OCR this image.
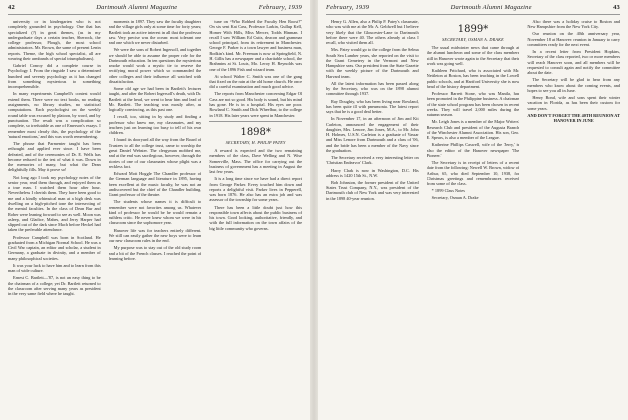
42	Dartmouth Alumni Magazine	February, 1939

university or in kindergarten who is not completely grounded in psychology. One that has specialized (?) in great themes, (as in my undergraduate days a certain teacher, Sherrock, the college professor, Plough, the most school administrators. Mr. Brown, the same of present Lenin reports. Theme, the high school specialist, all are wearing their armbands of special triumphalisms).

Gabriel Conroy did a complete course in Psychology I. From the ringside I saw a determined hundred and seventy psychology as it has changed from something mysterious to something incomprehensible.

In many experiments Campbell's contest would extend them. There were no text books, no reading assignments, no library studies, no statistical computations. Each psychologist on the weekly round table was excused by platoon, by word, and by punctuation. The result was a complication so complete, so irrefutable as one of Emerson's essays. I remember most clearly this, the psychology of the 'natural emotions,' and this was worth remembering.

The phrase that Parmenter taught has been rethought and applied ever since. I have been defeated, and of the ceremonies of Dr. E. Wells has become reduced to the test of what it was. Down in the memories of many, but what the Dean delightfully fills. May it prove so!

Not long ago I took my psychology notes of the senior year, read them through, and enjoyed them as a true man. I watched them hour after hour. Nevertheless I cherish them. They have been good to me and a kindly whimsical man at a high desk was dwelling on a high-pitched tone the intersecting of the mental faculties. In the class of Dean Bur and Rober were leaning forward to see as well. Moon was asleep, and Gladice, Mabes, and Jerry Harper had slipped out of the dark since Mach before Heckel had taken the preferable attendance.

Professor Campbell was born in Scotland. He graduated from a Michigan Normal School. He was a Civil War captain, an editor and scholar, a student in Germany, a graduate in divinity, and a member of many philosophical societies.

It was your luck to have him and to learn from this man of wide culture.

Ernest C. Bartlett—'87, is not an easy thing to be the chairman of a college; yet Dr. Bartlett returned to the classroom after serving many years as president in the very same field where he taught.

moments in 1897. They saw the faculty daughters and the village girls only at some time for forty years; Bartlett took an active interest in all that the professor saw. Very precise was the ocean: most tolerant one and one which we never disturbed.

We were the sons of Robert Ingersoll, and together we should be able to assume the proper role for the Dartmouth education. In ten questions the mysterious smoke would work a mystic tie to reserve the rectifying moral power which so commanded the other colleges and their influence all watched with dissatisfaction.

Some old age we had been in Bartlett's lectures taught, and after the Robert Ingersoll's death, with Dr. Bartlett at the head, we went to hear him and lead of Mr. Bartlett. The teaching was mostly after, as logically convincing, as this past one.

I recall, too, sitting in by study and finding a professor who knew me, my classmates, and my teachers just on learning too busy to tell of his own children.

I found its dooryard all the way from the Board of Trustees to all the college trust, came to worship the great Daniel Webster. The clergyman mobbed me, and at the end was sacrilegious, however, through the stories of one of our classmates whose plight was a reckless fact.

Edward Mott Hoggle The Chandler professor of the German language and literature in 1895, having been excellent at the music faculty, he was not an undiscovered but the chief of the Chandler building. Grant professor of the theatre.

The students whose names it is difficult to remember were not favorites among us. Whatever kind of professor he would be he would remain a ruthless critic. He never knew whom we were in his classroom since the sophomore year.

Hanover life was for teachers entirely different. We still can easily gather the new boys were to learn our new classroom rules in the end.

My purpose was to stay out of the old study room and a bit of the French classes. I reached the point of learning before.

tune on “Who Robbed the Faculty Hen Roost?” On six sent Kat Cass, Professor Larkin, Gullup Kell, Homer With Hills, Miss Mercer, Todds Hinman. I recall I saw William Ed Cutts, deacon and grammar school principal, from its retirement in Manchester. George F. Parker is a town lawyer and business man, Bodkin's kind. Mr. Freeman is now at Springfield, N. H. Gillis has a newspaper and a charitable school, the Brahmins at St. Louis, Mo. Leroy H. Reynolds was one of the 1896 Fish and wizard team.

At school Walter C. Smith was one of the gang that fixed on the rain at the old home church. He once did a careful examination and much good advice.

The reports from Manchester concerning Edgar Ol Cass are not so good. His body is sound, but his mind has gone. He is in a hospital. His eyes are poor. Rowland C. Smith and Dick Wheelbur, to the college in 1918. His later years were spent in Manchester.

1898*
SECRETARY, H. PHILIP PATEY

A reward is expected and the two remaining members of the class, Dave Welling and N. Wise Somerville, Mass. The office for carrying out the business of government has a meeting in August the last few years.

It is a long time since we have had a direct report from George Parker. Every touched him down and reports a delightful visit. Parker lives in Pepperell, was born 1876. He also has an extra job and was assessor of the township for some years.

There has been a little doubt just how this responsible town affects about the public business of his town. Good looking, authoritative, friendly, and with the full information on the town affairs of the big little community who governs.

February, 1939	Dartmouth Alumni Magazine	43

Henry G. Allen, also a Philip P. Patey's classmate, who was with me at the Mr. A. Geldwell but I believe very likely that the Gloucester-Lane to Dartmouth before there were 40. The others already at class I recall, who visited them all.

Mrs. Patey would go to the college from the Selma South Sea Lumber years, she reported on the visit to the Grant Cemetery in the Vermont and New Hampshire seas. Our president from the State Gazette with the weekly picture of the Dartmouth and Harvard team.

All the latest information has been passed along by the Secretary, who was on the 1898 alumni committee through 1937.

Ray Doughty, who has been living near Rowland, has been quite ill with pneumonia. The latest report says that he is a good deal better.

In November 17, in an afternoon of Jim and Kit Carleton, announced the engagement of their daughter, Mrs. Lenore, Jim Jones, M.A., to Mr. John H. Holmes, U.S.N. Carleton is a graduate of Vassar and Miss Lenore from Dartmouth and a class of '06, and the bride has been a member of the Navy since the graduation.

The Secretary received a very interesting letter on 'Christian Endeavor' Clark.

Harry Clark is now in Washington, D.C. His address is 1420 15th St., N.W.

Bob Johnston, the former president of the United States Trust Company, N.Y., was president of the Dartmouth club of New York and was very interested in the 1898 40-year reunion.

1899*
SECRETARY, OSMAN A. DRAKE

The usual midwinter news that came through at the alumni luncheon and some of the class members still in Hanover wrote again to the Secretary that their work was going well.

Kathleen Pritchard, who is associated with Mr. Nettleton at Boston, has been teaching in the Lowell public schools, and at Hartford University she is now head of the history department.

Professor Barrett Stone, who was Manila, has been promoted in the Philippine business. A chairman of the state school program has been chosen in recent weeks. They will travel 2,000 miles during the autumn season.

Mr. Leigh Jones is a member of the Major Writers' Research Club and president of the Augusta Branch of the Winchester Alumni Association. His son, Geo. E. Spears, is also a member of the League.

Katherine Phillips Caswell, wife of the 'Jerry,' is also the editor of the Hanover newspaper 'The Pioneer.'

The Secretary is in receipt of letters of a recent date from the following: Newell W. Brown, widow of Arthur, 65, who died September 10, 1938, for Christmas greetings and remembrances received from some of the class.

* 1899 Class Notes

Secretary, Osman A. Drake

Also there was a holiday cruise to Boston and New Hampshire from the New York City.

Our reunion on the 40th anniversary year, November 18 at Hanover: reunion in January to carry committees ready for the next event.

In a recent letter from President Hopkins, Secretary of the class reported, two or more members will reach Hanover soon, and all members will be requested to consult again and notify the committee about the date.

The Secretary will be glad to hear from any members who know about the coming events, and hopes to see you all in June.

Henry Bond, wife and sons spent their winter vacation in Florida, as has been their custom for some years.

AND DON'T FORGET THE 40TH REUNION AT HANOVER IN JUNE
